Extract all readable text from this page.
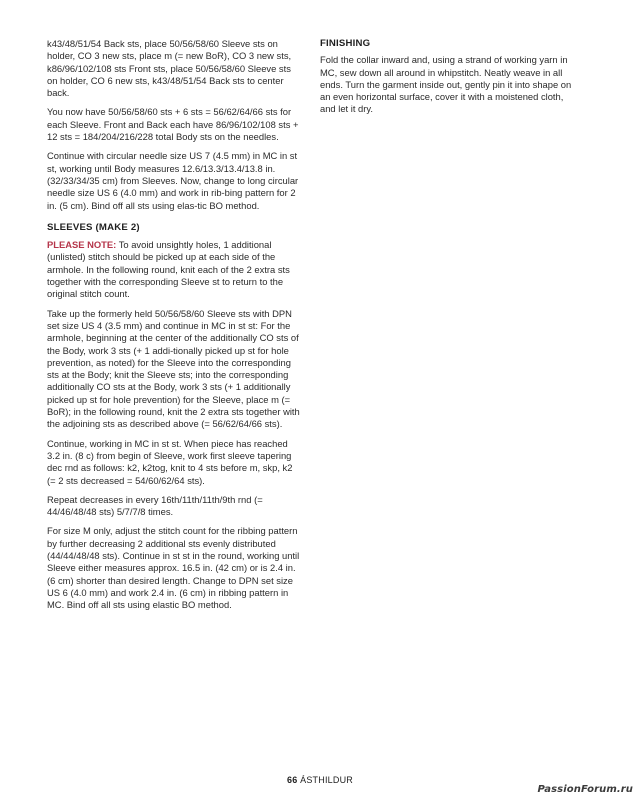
k43/48/51/54 Back sts, place 50/56/58/60 Sleeve sts on holder, CO 3 new sts, place m (= new BoR), CO 3 new sts, k86/96/102/108 sts Front sts, place 50/56/58/60 Sleeve sts on holder, CO 6 new sts, k43/48/51/54 Back sts to center back.

You now have 50/56/58/60 sts + 6 sts = 56/62/64/66 sts for each Sleeve. Front and Back each have 86/96/102/108 sts + 12 sts = 184/204/216/228 total Body sts on the needles.

Continue with circular needle size US 7 (4.5 mm) in MC in st st, working until Body measures 12.6/13.3/13.4/13.8 in. (32/33/34/35 cm) from Sleeves. Now, change to long circular needle size US 6 (4.0 mm) and work in rib-bing pattern for 2 in. (5 cm). Bind off all sts using elas-tic BO method.

SLEEVES (MAKE 2)

PLEASE NOTE: To avoid unsightly holes, 1 additional (unlisted) stitch should be picked up at each side of the armhole. In the following round, knit each of the 2 extra sts together with the corresponding Sleeve st to return to the original stitch count.

Take up the formerly held 50/56/58/60 Sleeve sts with DPN set size US 4 (3.5 mm) and continue in MC in st st: For the armhole, beginning at the center of the additionally CO sts of the Body, work 3 sts (+ 1 addi-tionally picked up st for hole prevention, as noted) for the Sleeve into the corresponding sts at the Body; knit the Sleeve sts; into the corresponding additionally CO sts at the Body, work 3 sts (+ 1 additionally picked up st for hole prevention) for the Sleeve, place m (= BoR); in the following round, knit the 2 extra sts together with the adjoining sts as described above (= 56/62/64/66 sts).

Continue, working in MC in st st. When piece has reached 3.2 in. (8 c) from begin of Sleeve, work first sleeve tapering dec rnd as follows: k2, k2tog, knit to 4 sts before m, skp, k2 (= 2 sts decreased = 54/60/62/64 sts).

Repeat decreases in every 16th/11th/11th/9th rnd (= 44/46/48/48 sts) 5/7/7/8 times.

For size M only, adjust the stitch count for the ribbing pattern by further decreasing 2 additional sts evenly distributed (44/44/48/48 sts). Continue in st st in the round, working until Sleeve either measures approx. 16.5 in. (42 cm) or is 2.4 in. (6 cm) shorter than desired length. Change to DPN set size US 6 (4.0 mm) and work 2.4 in. (6 cm) in ribbing pattern in MC. Bind off all sts using elastic BO method.

FINISHING

Fold the collar inward and, using a strand of working yarn in MC, sew down all around in whipstitch. Neatly weave in all ends. Turn the garment inside out, gently pin it into shape on an even horizontal surface, cover it with a moistened cloth, and let it dry.

66 ÁSTHILDUR
PassionForum.ru
